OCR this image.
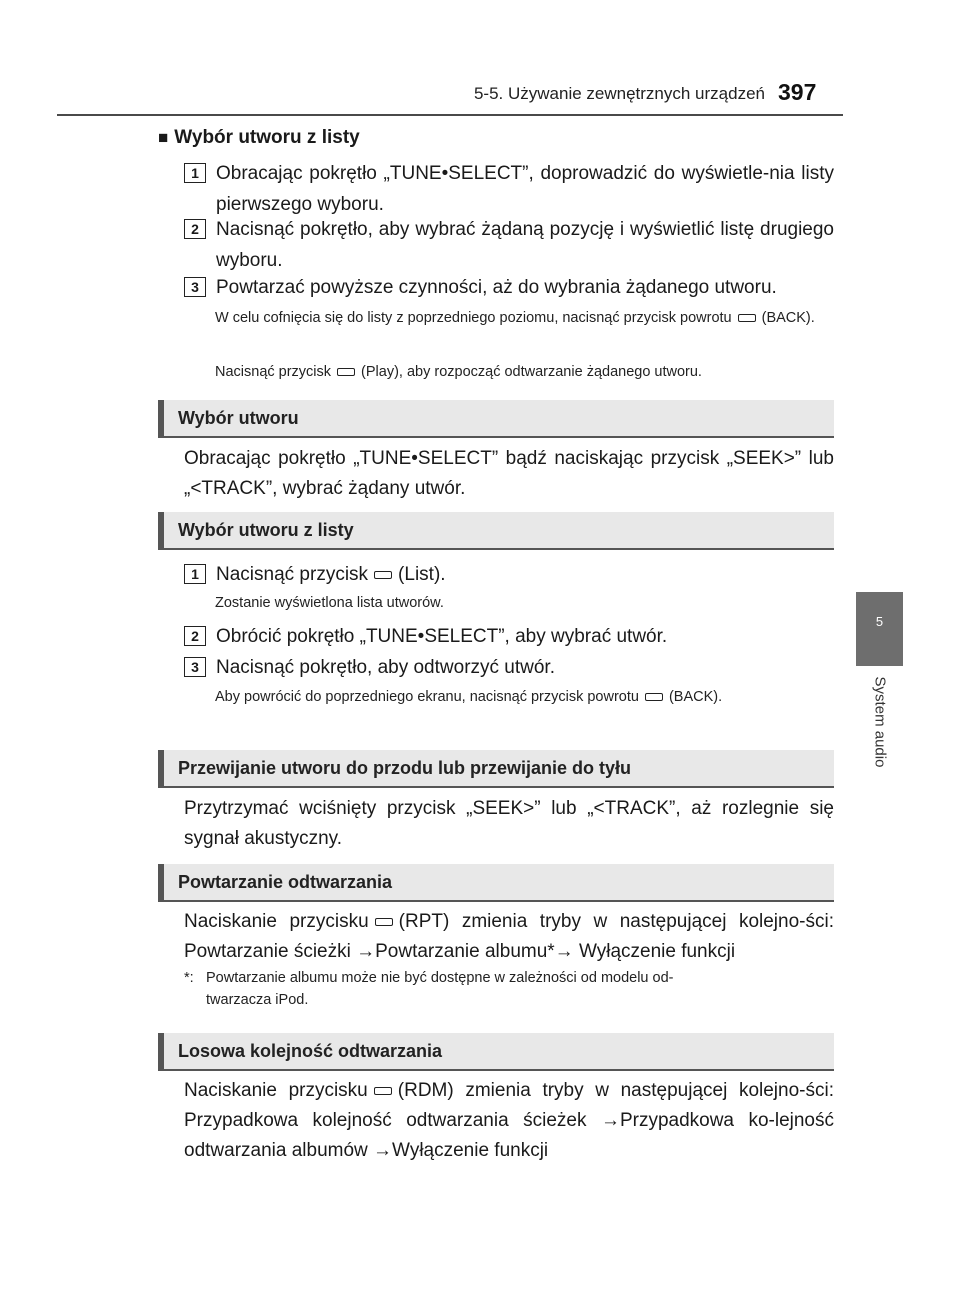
5-5. Używanie zewnętrznych urządzeń 397
5
System audio
■ Wybór utworu z listy
1 Obracając pokrętło „TUNE•SELECT”, doprowadzić do wyświetle-nia listy pierwszego wyboru.
2 Nacisnąć pokrętło, aby wybrać żądaną pozycję i wyświetlić listę drugiego wyboru.
3 Powtarzać powyższe czynności, aż do wybrania żądanego utworu.
W celu cofnięcia się do listy z poprzedniego poziomu, nacisnąć przycisk powrotu (BACK).
Nacisnąć przycisk (Play), aby rozpocząć odtwarzanie żądanego utworu.
Wybór utworu
Obracając pokrętło „TUNE•SELECT” bądź naciskając przycisk „SEEK>” lub „<TRACK”, wybrać żądany utwór.
Wybór utworu z listy
1 Nacisnąć przycisk (List).
Zostanie wyświetlona lista utworów.
2 Obrócić pokrętło „TUNE•SELECT”, aby wybrać utwór.
3 Nacisnąć pokrętło, aby odtworzyć utwór.
Aby powrócić do poprzedniego ekranu, nacisnąć przycisk powrotu (BACK).
Przewijanie utworu do przodu lub przewijanie do tyłu
Przytrzymać wciśnięty przycisk „SEEK>” lub „<TRACK”, aż rozlegnie się sygnał akustyczny.
Powtarzanie odtwarzania
Naciskanie przycisku (RPT) zmienia tryby w następującej kolejno-ści: Powtarzanie ścieżki →Powtarzanie albumu*→ Wyłączenie funkcji
*: Powtarzanie albumu może nie być dostępne w zależności od modelu od-
twarzacza iPod.
Losowa kolejność odtwarzania
Naciskanie przycisku (RDM) zmienia tryby w następującej kolejno-ści: Przypadkowa kolejność odtwarzania ścieżek →Przypadkowa ko-lejność odtwarzania albumów →Wyłączenie funkcji
